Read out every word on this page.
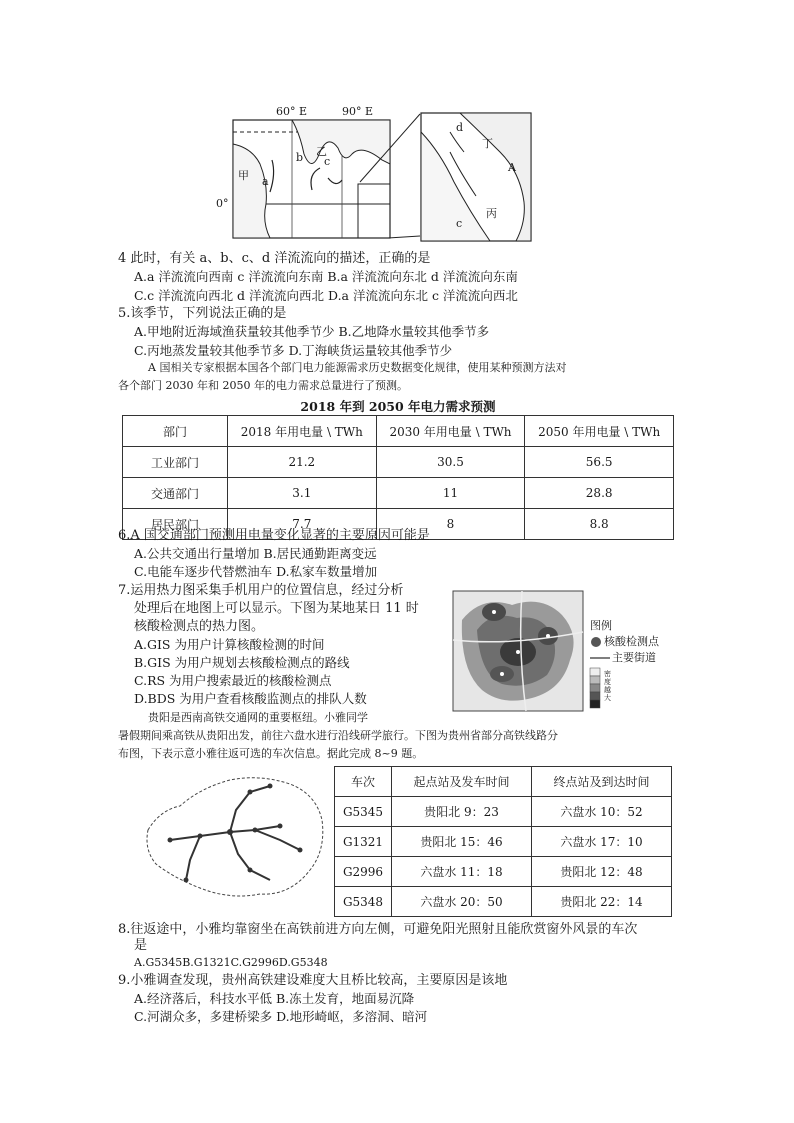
60° E	90° E
0°
甲 a
b 乙
c
d
丁
A
丙
c
4 此时，有关 a、b、c、d 洋流流向的描述，正确的是
A.a 洋流流向西南 c 洋流流向东南 B.a 洋流流向东北 d 洋流流向东南
C.c 洋流流向西北 d 洋流流向西北 D.a 洋流流向东北 c 洋流流向西北
5.该季节，下列说法正确的是
A.甲地附近海域渔获量较其他季节少 B.乙地降水量较其他季节多
C.丙地蒸发量较其他季节多 D.丁海峡货运量较其他季节少
A 国相关专家根据本国各个部门电力能源需求历史数据变化规律，使用某种预测方法对
各个部门 2030 年和 2050 年的电力需求总量进行了预测。
2018 年到 2050 年电力需求预测
部门	2018 年用电量 \ TWh	2030 年用电量 \ TWh	2050 年用电量 \ TWh
工业部门	21.2	30.5	56.5
交通部门	3.1	11	28.8
居民部门	7.7	8	8.8
6.A 国交通部门预测用电量变化显著的主要原因可能是
A.公共交通出行量增加 B.居民通勤距离变远
C.电能车逐步代替燃油车 D.私家车数量增加
7.运用热力图采集手机用户的位置信息，经过分析
处理后在地图上可以显示。下图为某地某日 11 时
核酸检测点的热力图。
A.GIS 为用户计算核酸检测的时间
B.GIS 为用户规划去核酸检测点的路线
C.RS 为用户搜索最近的核酸检测点
D.BDS 为用户查看核酸监测点的排队人数
图例
核酸检测点
主要街道
密度越大
贵阳是西南高铁交通网的重要枢纽。小雅同学
暑假期间乘高铁从贵阳出发，前往六盘水进行沿线研学旅行。下图为贵州省部分高铁线路分
布图，下表示意小雅往返可选的车次信息。据此完成 8~9 题。
车次	起点站及发车时间	终点站及到达时间
G5345	贵阳北 9：23	六盘水 10：52
G1321	贵阳北 15：46	六盘水 17：10
G2996	六盘水 11：18	贵阳北 12：48
G5348	六盘水 20：50	贵阳北 22：14
8.往返途中，小雅均靠窗坐在高铁前进方向左侧，可避免阳光照射且能欣赏窗外风景的车次
是
A.G5345B.G1321C.G2996D.G5348
9.小雅调查发现，贵州高铁建设难度大且桥比较高，主要原因是该地
A.经济落后，科技水平低 B.冻土发育，地面易沉降
C.河湖众多，多建桥梁多 D.地形崎岖，多溶洞、暗河
